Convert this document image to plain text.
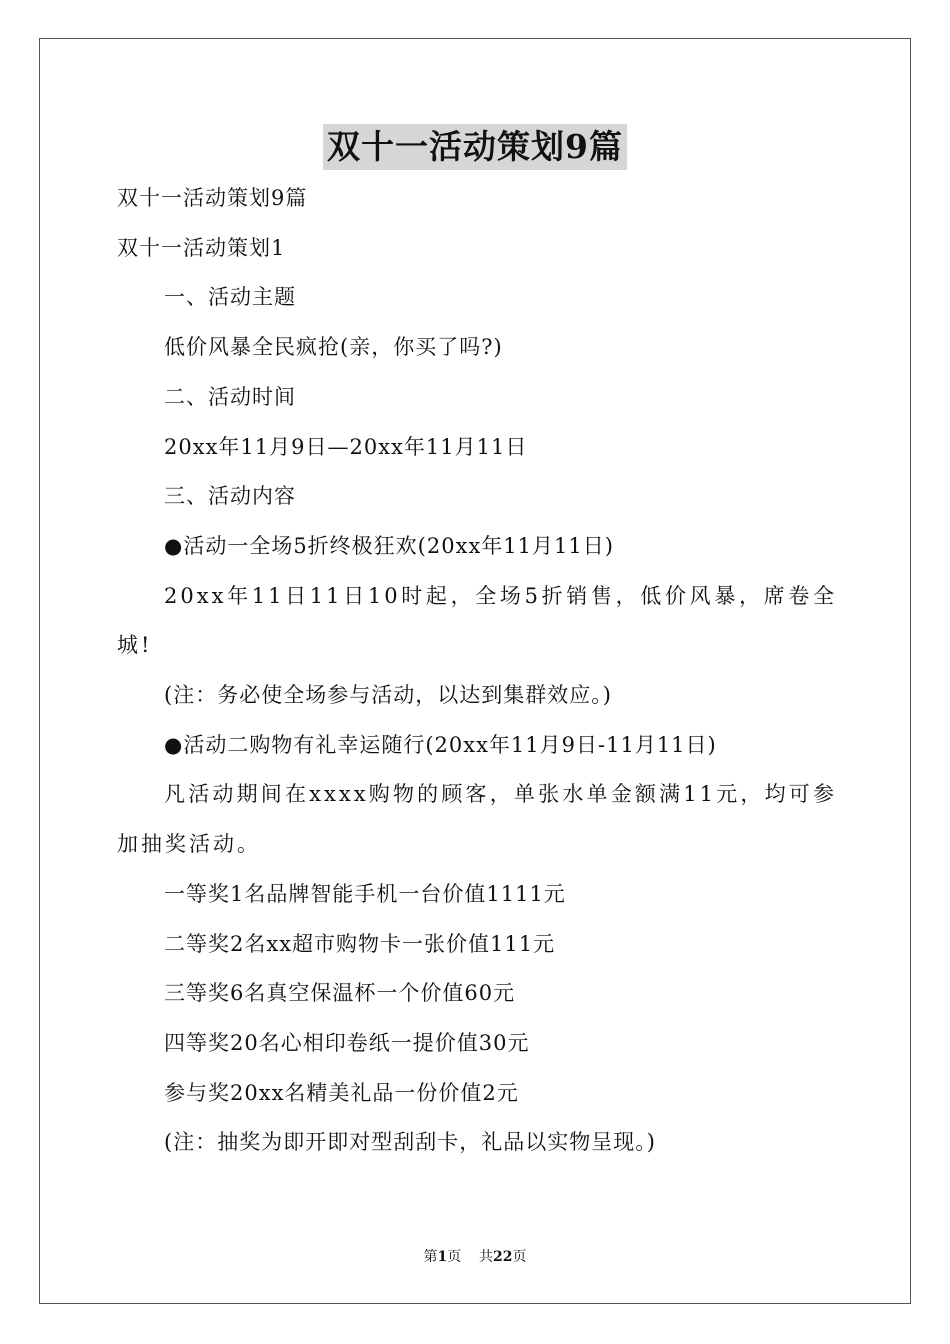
双十一活动策划9篇

双十一活动策划9篇

双十一活动策划1

一、活动主题

低价风暴全民疯抢(亲，你买了吗?)

二、活动时间

20xx年11月9日—20xx年11月11日

三、活动内容

●活动一全场5折终极狂欢(20xx年11月11日)

20xx年11日11日10时起，全场5折销售，低价风暴，席卷全城!

(注：务必使全场参与活动，以达到集群效应。)

●活动二购物有礼幸运随行(20xx年11月9日-11月11日)

凡活动期间在xxxx购物的顾客，单张水单金额满11元，均可参加抽奖活动。

一等奖1名品牌智能手机一台价值1111元

二等奖2名xx超市购物卡一张价值111元

三等奖6名真空保温杯一个价值60元

四等奖20名心相印卷纸一提价值30元

参与奖20xx名精美礼品一份价值2元

(注：抽奖为即开即对型刮刮卡，礼品以实物呈现。)

第1页 共22页
